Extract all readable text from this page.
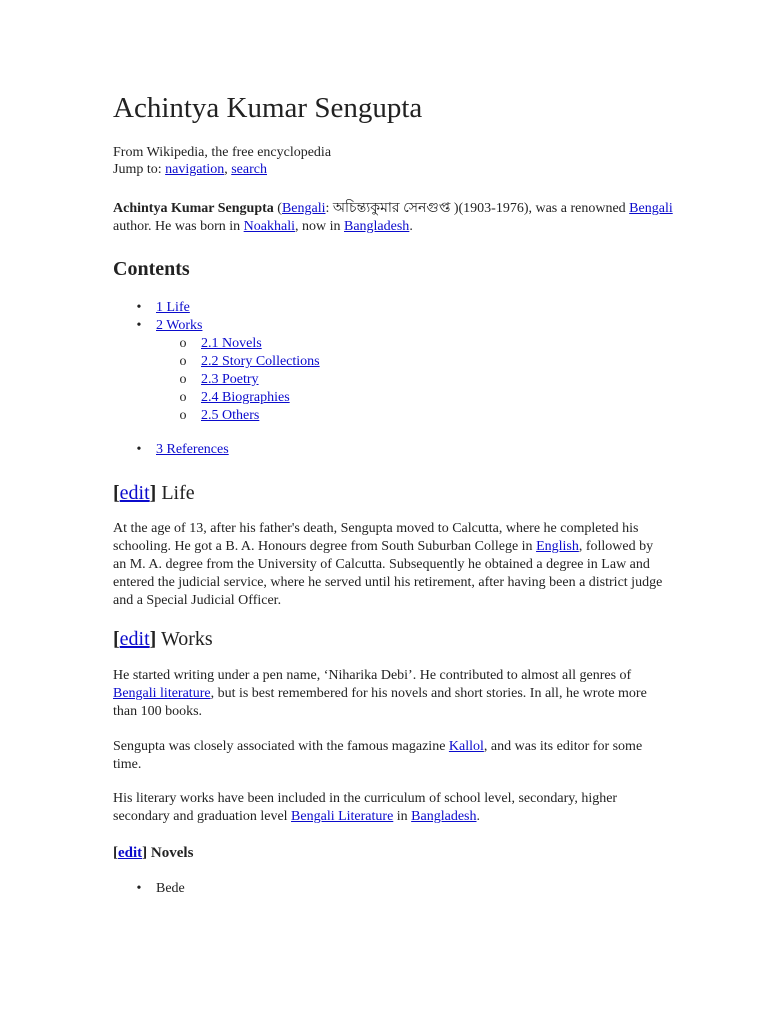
Achintya Kumar Sengupta
From Wikipedia, the free encyclopedia
Jump to: navigation, search

Achintya Kumar Sengupta (Bengali: অচিন্ত্যকুমার সেনগুপ্ত )(1903-1976), was a renowned Bengali author. He was born in Noakhali, now in Bangladesh.

Contents
• 1 Life
• 2 Works
o 2.1 Novels
o 2.2 Story Collections
o 2.3 Poetry
o 2.4 Biographies
o 2.5 Others
• 3 References
[edit] Life

At the age of 13, after his father's death, Sengupta moved to Calcutta, where he completed his schooling. He got a B. A. Honours degree from South Suburban College in English, followed by an M. A. degree from the University of Calcutta. Subsequently he obtained a degree in Law and entered the judicial service, where he served until his retirement, after having been a district judge and a Special Judicial Officer.

[edit] Works

He started writing under a pen name, ‘Niharika Debi’. He contributed to almost all genres of Bengali literature, but is best remembered for his novels and short stories. In all, he wrote more than 100 books.

Sengupta was closely associated with the famous magazine Kallol, and was its editor for some time.

His literary works have been included in the curriculum of school level, secondary, higher secondary and graduation level Bengali Literature in Bangladesh.

[edit] Novels
• Bede
